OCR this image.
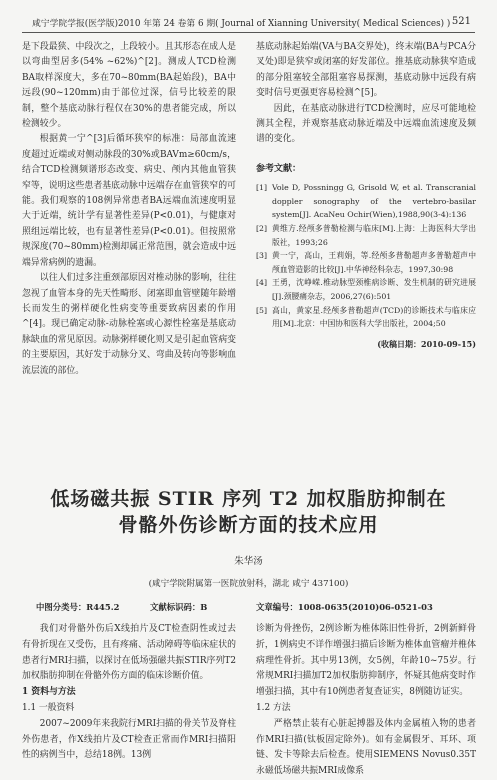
咸宁学院学报(医学版)2010 年第 24 卷第 6 期( Journal of Xianning University( Medical Sciences) ) 521

是下段最狭、中段次之，上段较小。且其形态在成人是以弯曲型居多(54% ~62%)^[2]。测成人TCD检测BA取样深度大，多在70~80mm(BA起始段)，BA中远段(90~120mm)由于部位过深，信号比较差的限制，整个基底动脉行程仅在30%的患者能完成，所以检测较少。

根据黄一宁^[3]后循环狭窄的标准：局部血流速度超过近端或对侧动脉段的30%或BAVm≥60cm/s，结合TCD检测频谱形态改变、病史、颅内其他血管狭窄等，说明这些患者基底动脉中远端存在血管狭窄的可能。我们观察的108例异常患者BA远端血流速度明显大于近端，统计学有显著性差异(P<0.01)，与健康对照组远端比较，也有显著性差异(P<0.01)。但按照常规深度(70~80mm)检测却属正常范围，就会造成中远端异常病例的遗漏。

以往人们过多注重颈部原因对椎动脉的影响，往往忽视了血管本身的先天性畸形、闭塞即血管壁随年龄增长而发生的粥样硬化性病变等重要致病因素的作用^[4]。现已确定动脉-动脉栓塞或心源性栓塞是基底动脉缺血的常见原因。动脉粥样硬化则又是引起血管病变的主要原因，其好发于动脉分叉、弯曲及转向等影响血流层流的部位。

基底动脉起始端(VA与BA交界处)，终末端(BA与PCA分叉处)即是狭窄或闭塞的好发部位。推基底动脉狭窄造成的部分阻塞较全部阻塞容易探测，基底动脉中远段有病变时信号更强更容易检测^[5]。

因此，在基底动脉进行TCD检测时，应尽可能地检测其全程，并观察基底动脉近端及中远端血流速度及频谱的变化。

参考文献：
[1] Vole D, Possningg G, Grisold W, et al. Transcranial doppler sonography of the vertebro-basilar system[J]. AcaNeu Ochir(Wien),1988,90(3-4):136
[2] 黄维方.经颅多普勒检测与临床[M].上海：上海医科大学出版社，1993;26
[3] 黄一宁，高山，王莉娟，等.经颅多普勒超声多普勒超声中颅血管造影的比较[J].中华神经科杂志，1997,30:98
[4] 王勇，沈峥嵘.椎动脉型颈椎病诊断、发生机制的研究进展[J].颈腰痛杂志，2006,27(6):501
[5] 高山，黄家星.经颅多普勒超声(TCD)的诊断技术与临床应用[M].北京：中国协和医科大学出版社，2004;50
(收稿日期：2010-09-15)
低场磁共振 STIR 序列 T2 加权脂肪抑制在
骨骼外伤诊断方面的技术应用
朱华汤
(咸宁学院附属第一医院放射科，湖北 咸宁 437100)
中图分类号：R445.2	文献标识码：B	文章编号：1008-0635(2010)06-0521-03

我们对骨骼外伤后X线拍片及CT检查阴性或过去有骨折现在又受伤，且有疼痛、活动障碍等临床症状的患者行MRI扫描，以探讨在低场强磁共振STIR序列T2加权脂肪抑制在骨骼外伤方面的临床诊断价值。

1 资料与方法

1.1 一般资料

2007~2009年来我院行MRI扫描的骨关节及脊柱外伤患者，作X线拍片及CT检查正常而作MRI扫描阳性的病例当中，总结18例。13例

诊断为骨挫伤，2例诊断为椎体陈旧性骨折，2例新鲜骨折，1例病史不详作增强扫描后诊断为椎体血管瘤并椎体病理性骨折。其中男13例，女5例，年龄10~75岁。行常规MRI扫描加T2加权脂肪抑制序，怀疑其他病变时作增强扫描，其中有10例患者复查证实，8例随访证实。

1.2 方法

严格禁止装有心脏起搏器及体内金属植入物的患者作MRI扫描(钛板固定除外)。如有金属假牙、耳环、项链、发卡等除去后检查。使用SIEMENS Novus0.35T永磁低场磁共振MRI成像系
